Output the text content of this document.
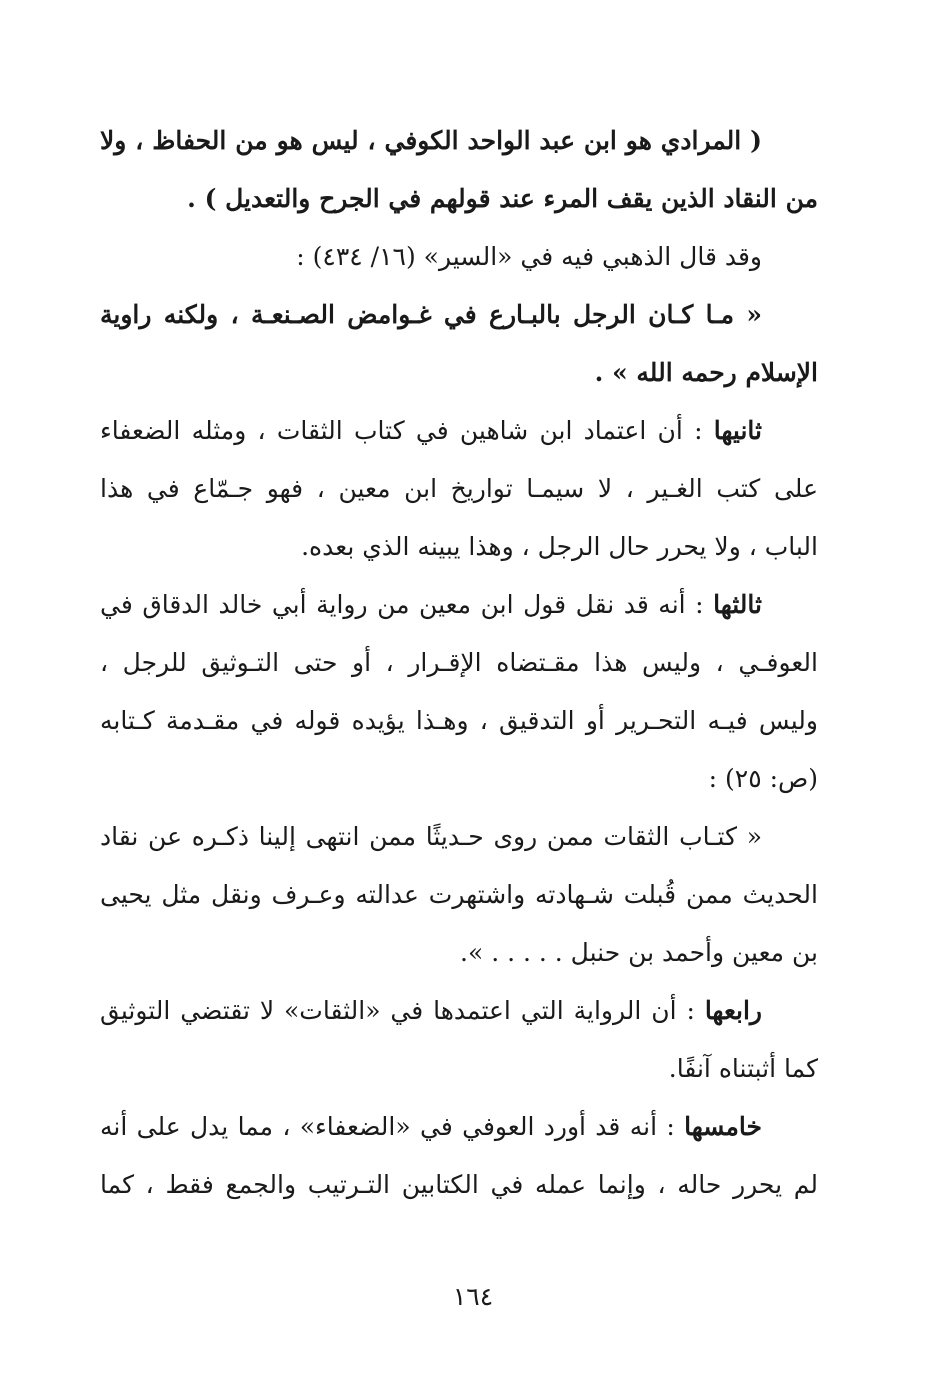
( المرادي هو ابن عبد الواحد الكوفي ، ليس هو من الحفاظ ، ولا
من النقاد الذين يقف المرء عند قولهم في الجرح والتعديل ) .
وقد قال الذهبي فيه في «السير» (١٦/ ٤٣٤) :
« مـا كـان الرجل بالبـارع في غـوامض الصـنعـة ، ولكنه راوية
الإسلام رحمه الله » .
ثانيها : أن اعتماد ابن شاهين في كتاب الثقات ، ومثله الضعفاء
على كتب الغـير ، لا سيمـا تواريخ ابن معين ، فهو جـمّاع في هذا
الباب ، ولا يحرر حال الرجل ، وهذا يبينه الذي بعده.
ثالثها : أنه قد نقل قول ابن معين من رواية أبي خالد الدقاق في
العوفـي ، وليس هذا مقـتضاه الإقـرار ، أو حتى التـوثيق للرجل ،
وليس فيـه التحـرير أو التدقيق ، وهـذا يؤيده قوله في مقـدمة كـتابه
(ص: ٢٥) :
« كتـاب الثقات ممن روى حـديثًا ممن انتهى إلينا ذكـره عن نقاد
الحديث ممن قُبلت شـهادته واشتهرت عدالته وعـرف ونقل مثل يحيى
بن معين وأحمد بن حنبل . . . . . ».
رابعها : أن الرواية التي اعتمدها في «الثقات» لا تقتضي التوثيق
كما أثبتناه آنفًا.
خامسها : أنه قد أورد العوفي في «الضعفاء» ، مما يدل على أنه
لم يحرر حاله ، وإنما عمله في الكتابين التـرتيب والجمع فقط ، كما
١٦٤
